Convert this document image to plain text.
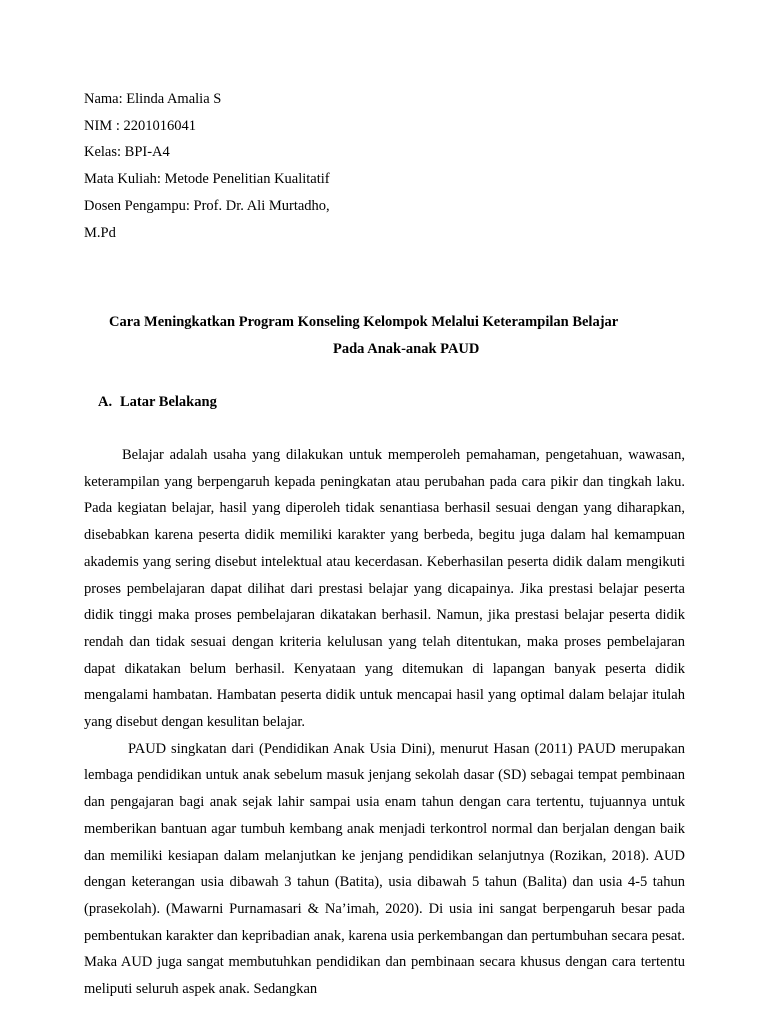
Nama: Elinda Amalia S
NIM : 2201016041
Kelas: BPI-A4
Mata Kuliah: Metode Penelitian Kualitatif
Dosen Pengampu: Prof. Dr. Ali Murtadho,
M.Pd
Cara Meningkatkan Program Konseling Kelompok Melalui Keterampilan Belajar
Pada Anak-anak PAUD
A. Latar Belakang

Belajar adalah usaha yang dilakukan untuk memperoleh pemahaman, pengetahuan, wawasan, keterampilan yang berpengaruh kepada peningkatan atau perubahan pada cara pikir dan tingkah laku. Pada kegiatan belajar, hasil yang diperoleh tidak senantiasa berhasil sesuai dengan yang diharapkan, disebabkan karena peserta didik memiliki karakter yang berbeda, begitu juga dalam hal kemampuan akademis yang sering disebut intelektual atau kecerdasan. Keberhasilan peserta didik dalam mengikuti proses pembelajaran dapat dilihat dari prestasi belajar yang dicapainya. Jika prestasi belajar peserta didik tinggi maka proses pembelajaran dikatakan berhasil. Namun, jika prestasi belajar peserta didik rendah dan tidak sesuai dengan kriteria kelulusan yang telah ditentukan, maka proses pembelajaran dapat dikatakan belum berhasil. Kenyataan yang ditemukan di lapangan banyak peserta didik mengalami hambatan. Hambatan peserta didik untuk mencapai hasil yang optimal dalam belajar itulah yang disebut dengan kesulitan belajar.

PAUD singkatan dari (Pendidikan Anak Usia Dini), menurut Hasan (2011) PAUD merupakan lembaga pendidikan untuk anak sebelum masuk jenjang sekolah dasar (SD) sebagai tempat pembinaan dan pengajaran bagi anak sejak lahir sampai usia enam tahun dengan cara tertentu, tujuannya untuk memberikan bantuan agar tumbuh kembang anak menjadi terkontrol normal dan berjalan dengan baik dan memiliki kesiapan dalam melanjutkan ke jenjang pendidikan selanjutnya (Rozikan, 2018). AUD dengan keterangan usia dibawah 3 tahun (Batita), usia dibawah 5 tahun (Balita) dan usia 4-5 tahun (prasekolah). (Mawarni Purnamasari & Na’imah, 2020). Di usia ini sangat berpengaruh besar pada pembentukan karakter dan kepribadian anak, karena usia perkembangan dan pertumbuhan secara pesat. Maka AUD juga sangat membutuhkan pendidikan dan pembinaan secara khusus dengan cara tertentu meliputi seluruh aspek anak. Sedangkan
